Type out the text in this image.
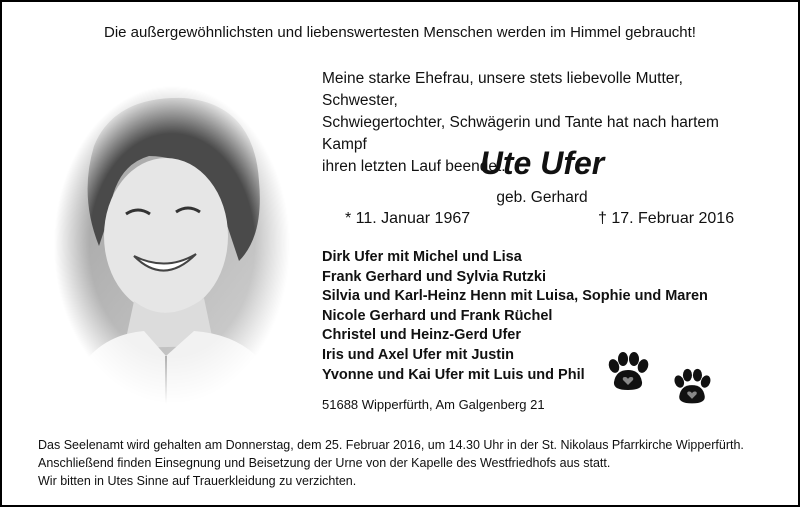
Die außergewöhnlichsten und liebenswertesten Menschen werden im Himmel gebraucht!
Meine starke Ehefrau, unsere stets liebevolle Mutter, Schwester,
Schwiegertochter, Schwägerin und Tante hat nach hartem Kampf
ihren letzten Lauf beendet.
Ute Ufer
geb. Gerhard
* 11. Januar 1967	† 17. Februar 2016
Dirk Ufer mit Michel und Lisa
Frank Gerhard und Sylvia Rutzki
Silvia und Karl-Heinz Henn mit Luisa, Sophie und Maren
Nicole Gerhard und Frank Rüchel
Christel und Heinz-Gerd Ufer
Iris und Axel Ufer mit Justin
Yvonne und Kai Ufer mit Luis und Phil
51688 Wipperfürth, Am Galgenberg 21
Das Seelenamt wird gehalten am Donnerstag, dem 25. Februar 2016, um 14.30 Uhr in der St. Nikolaus Pfarrkirche Wipperfürth.
Anschließend finden Einsegnung und Beisetzung der Urne von der Kapelle des Westfriedhofs aus statt.
Wir bitten in Utes Sinne auf Trauerkleidung zu verzichten.
